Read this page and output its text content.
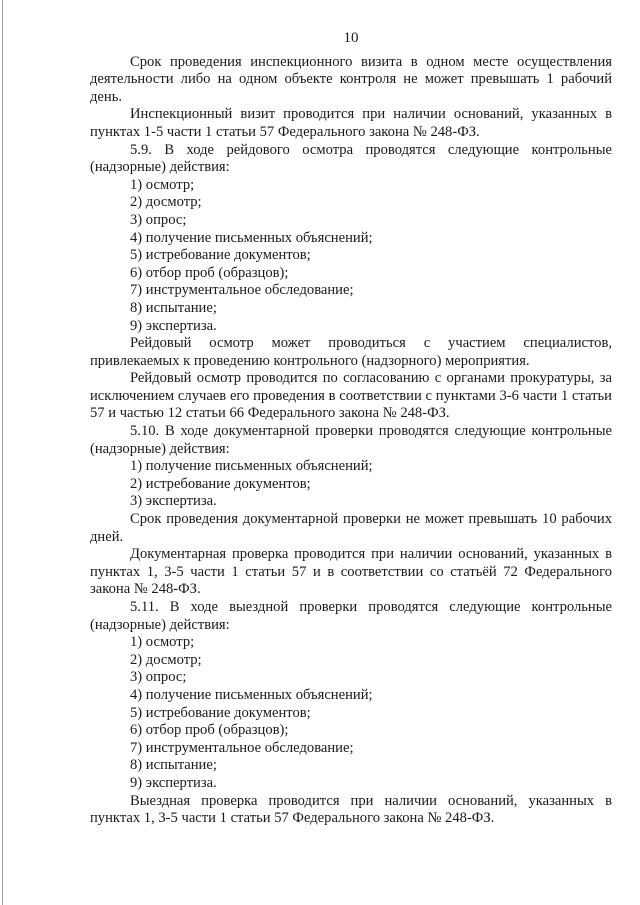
10

Срок проведения инспекционного визита в одном месте осуществления деятельности либо на одном объекте контроля не может превышать 1 рабочий день.

Инспекционный визит проводится при наличии оснований, указанных в пунктах 1-5 части 1 статьи 57 Федерального закона № 248-ФЗ.

5.9. В ходе рейдового осмотра проводятся следующие контрольные (надзорные) действия:

1) осмотр;

2) досмотр;

3) опрос;

4) получение письменных объяснений;

5) истребование документов;

6) отбор проб (образцов);

7) инструментальное обследование;

8) испытание;

9) экспертиза.

Рейдовый осмотр может проводиться с участием специалистов, привлекаемых к проведению контрольного (надзорного) мероприятия.

Рейдовый осмотр проводится по согласованию с органами прокуратуры, за исключением случаев его проведения в соответствии с пунктами 3-6 части 1 статьи 57 и частью 12 статьи 66 Федерального закона № 248-ФЗ.

5.10. В ходе документарной проверки проводятся следующие контрольные (надзорные) действия:

1) получение письменных объяснений;

2) истребование документов;

3) экспертиза.

Срок проведения документарной проверки не может превышать 10 рабочих дней.

Документарная проверка проводится при наличии оснований, указанных в пунктах 1, 3-5 части 1 статьи 57 и в соответствии со статьёй 72 Федерального закона № 248-ФЗ.

5.11. В ходе выездной проверки проводятся следующие контрольные (надзорные) действия:

1) осмотр;

2) досмотр;

3) опрос;

4) получение письменных объяснений;

5) истребование документов;

6) отбор проб (образцов);

7) инструментальное обследование;

8) испытание;

9) экспертиза.

Выездная проверка проводится при наличии оснований, указанных в пунктах 1, 3-5 части 1 статьи 57 Федерального закона № 248-ФЗ.
